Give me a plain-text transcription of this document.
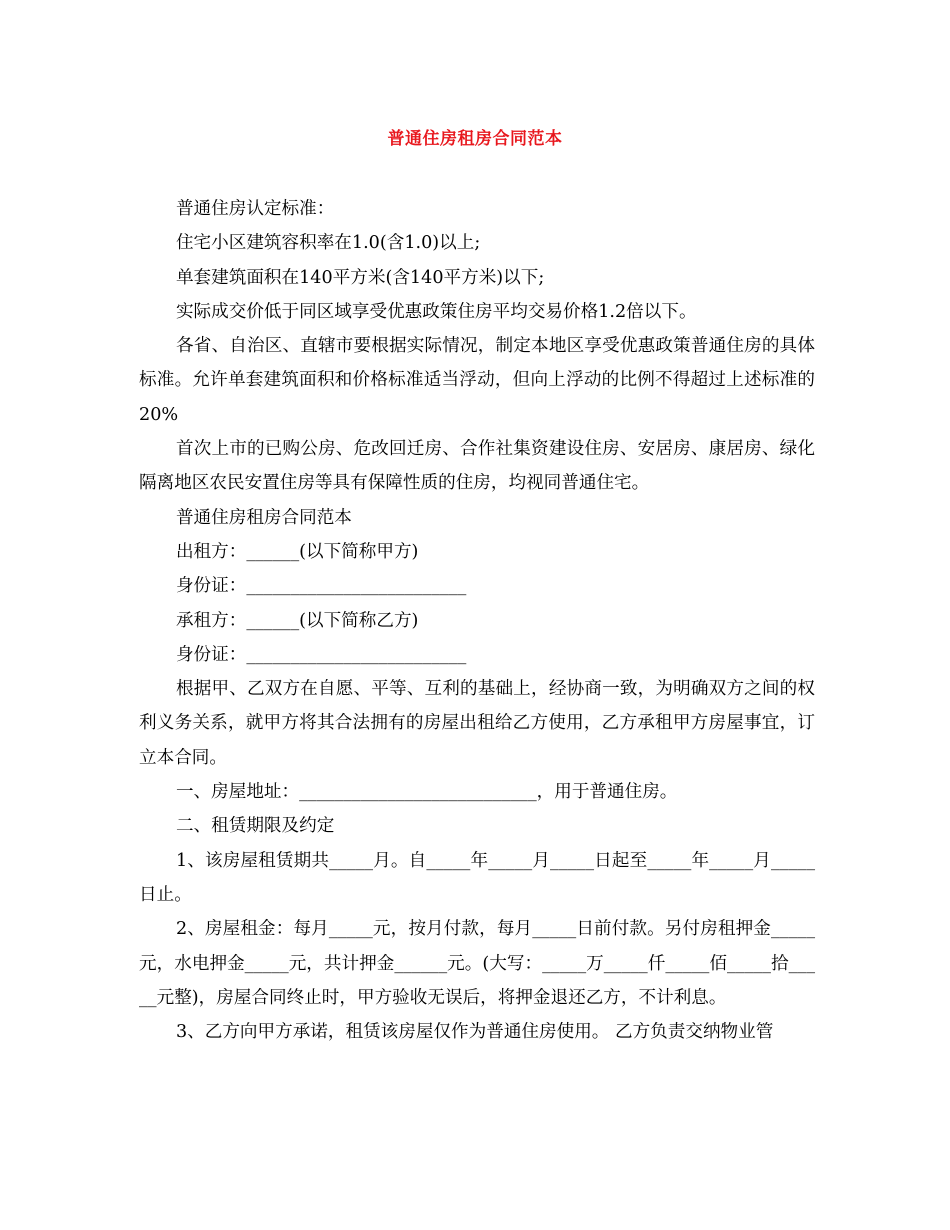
普通住房租房合同范本

普通住房认定标准：

住宅小区建筑容积率在1.0(含1.0)以上;

单套建筑面积在140平方米(含140平方米)以下;

实际成交价低于同区域享受优惠政策住房平均交易价格1.2倍以下。

各省、自治区、直辖市要根据实际情况，制定本地区享受优惠政策普通住房的具体标准。允许单套建筑面积和价格标准适当浮动，但向上浮动的比例不得超过上述标准的20%

首次上市的已购公房、危改回迁房、合作社集资建设住房、安居房、康居房、绿化隔离地区农民安置住房等具有保障性质的住房，均视同普通住宅。

普通住房租房合同范本

出租方：______(以下简称甲方)

身份证：_________________________

承租方：______(以下简称乙方)

身份证：_________________________

根据甲、乙双方在自愿、平等、互利的基础上，经协商一致，为明确双方之间的权利义务关系，就甲方将其合法拥有的房屋出租给乙方使用，乙方承租甲方房屋事宜，订立本合同。

一、房屋地址：___________________________，用于普通住房。

二、租赁期限及约定

1、该房屋租赁期共_____月。自_____年_____月_____日起至_____年_____月_____日止。

2、房屋租金：每月_____元，按月付款，每月_____日前付款。另付房租押金_____元，水电押金_____元，共计押金______元。(大写：_____万_____仟_____佰_____拾_____元整)，房屋合同终止时，甲方验收无误后，将押金退还乙方，不计利息。

3、乙方向甲方承诺，租赁该房屋仅作为普通住房使用。 乙方负责交纳物业管
